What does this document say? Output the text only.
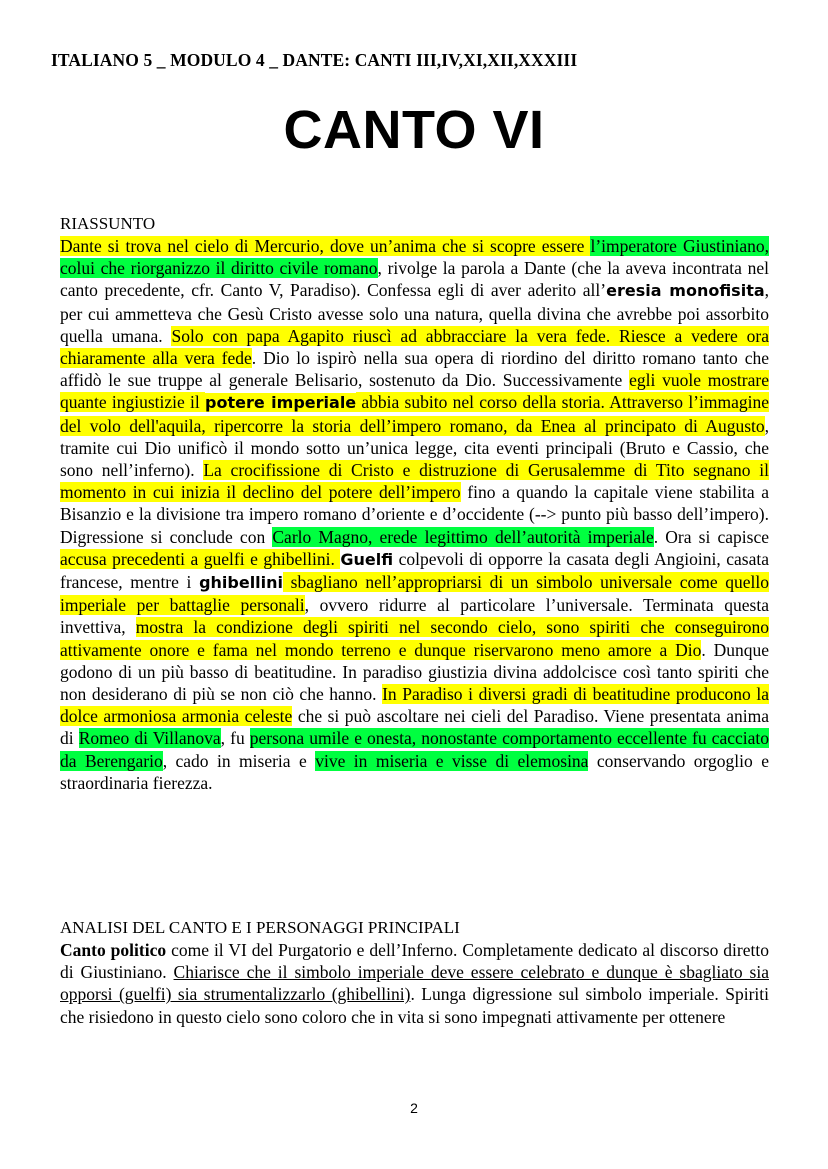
ITALIANO 5 _ MODULO 4 _ DANTE: CANTI III,IV,XI,XII,XXXIII
CANTO VI
RIASSUNTO

Dante si trova nel cielo di Mercurio, dove un’anima che si scopre essere l’imperatore Giustiniano, colui che riorganizzo il diritto civile romano, rivolge la parola a Dante (che la aveva incontrata nel canto precedente, cfr. Canto V, Paradiso). Confessa egli di aver aderito all’eresia monofisita, per cui ammetteva che Gesù Cristo avesse solo una natura, quella divina che avrebbe poi assorbito quella umana. Solo con papa Agapito riuscì ad abbracciare la vera fede. Riesce a vedere ora chiaramente alla vera fede. Dio lo ispirò nella sua opera di riordino del diritto romano tanto che affidò le sue truppe al generale Belisario, sostenuto da Dio. Successivamente egli vuole mostrare quante ingiustizie il potere imperiale abbia subito nel corso della storia. Attraverso l’immagine del volo dell'aquila, ripercorre la storia dell’impero romano, da Enea al principato di Augusto, tramite cui Dio unificò il mondo sotto un’unica legge, cita eventi principali (Bruto e Cassio, che sono nell’inferno). La crocifissione di Cristo e distruzione di Gerusalemme di Tito segnano il momento in cui inizia il declino del potere dell’impero fino a quando la capitale viene stabilita a Bisanzio e la divisione tra impero romano d’oriente e d’occidente (--> punto più basso dell’impero). Digressione si conclude con Carlo Magno, erede legittimo dell’autorità imperiale. Ora si capisce accusa precedenti a guelfi e ghibellini. Guelfi colpevoli di opporre la casata degli Angioini, casata francese, mentre i ghibellini sbagliano nell’appropriarsi di un simbolo universale come quello imperiale per battaglie personali, ovvero ridurre al particolare l’universale. Terminata questa invettiva, mostra la condizione degli spiriti nel secondo cielo, sono spiriti che conseguirono attivamente onore e fama nel mondo terreno e dunque riservarono meno amore a Dio. Dunque godono di un più basso di beatitudine. In paradiso giustizia divina addolcisce così tanto spiriti che non desiderano di più se non ciò che hanno. In Paradiso i diversi gradi di beatitudine producono la dolce armoniosa armonia celeste che si può ascoltare nei cieli del Paradiso. Viene presentata anima di Romeo di Villanova, fu persona umile e onesta, nonostante comportamento eccellente fu cacciato da Berengario, cado in miseria e vive in miseria e visse di elemosina conservando orgoglio e straordinaria fierezza.

ANALISI DEL CANTO E I PERSONAGGI PRINCIPALI

Canto politico come il VI del Purgatorio e dell’Inferno. Completamente dedicato al discorso diretto di Giustiniano. Chiarisce che il simbolo imperiale deve essere celebrato e dunque è sbagliato sia opporsi (guelfi) sia strumentalizzarlo (ghibellini). Lunga digressione sul simbolo imperiale. Spiriti che risiedono in questo cielo sono coloro che in vita si sono impegnati attivamente per ottenere

2
